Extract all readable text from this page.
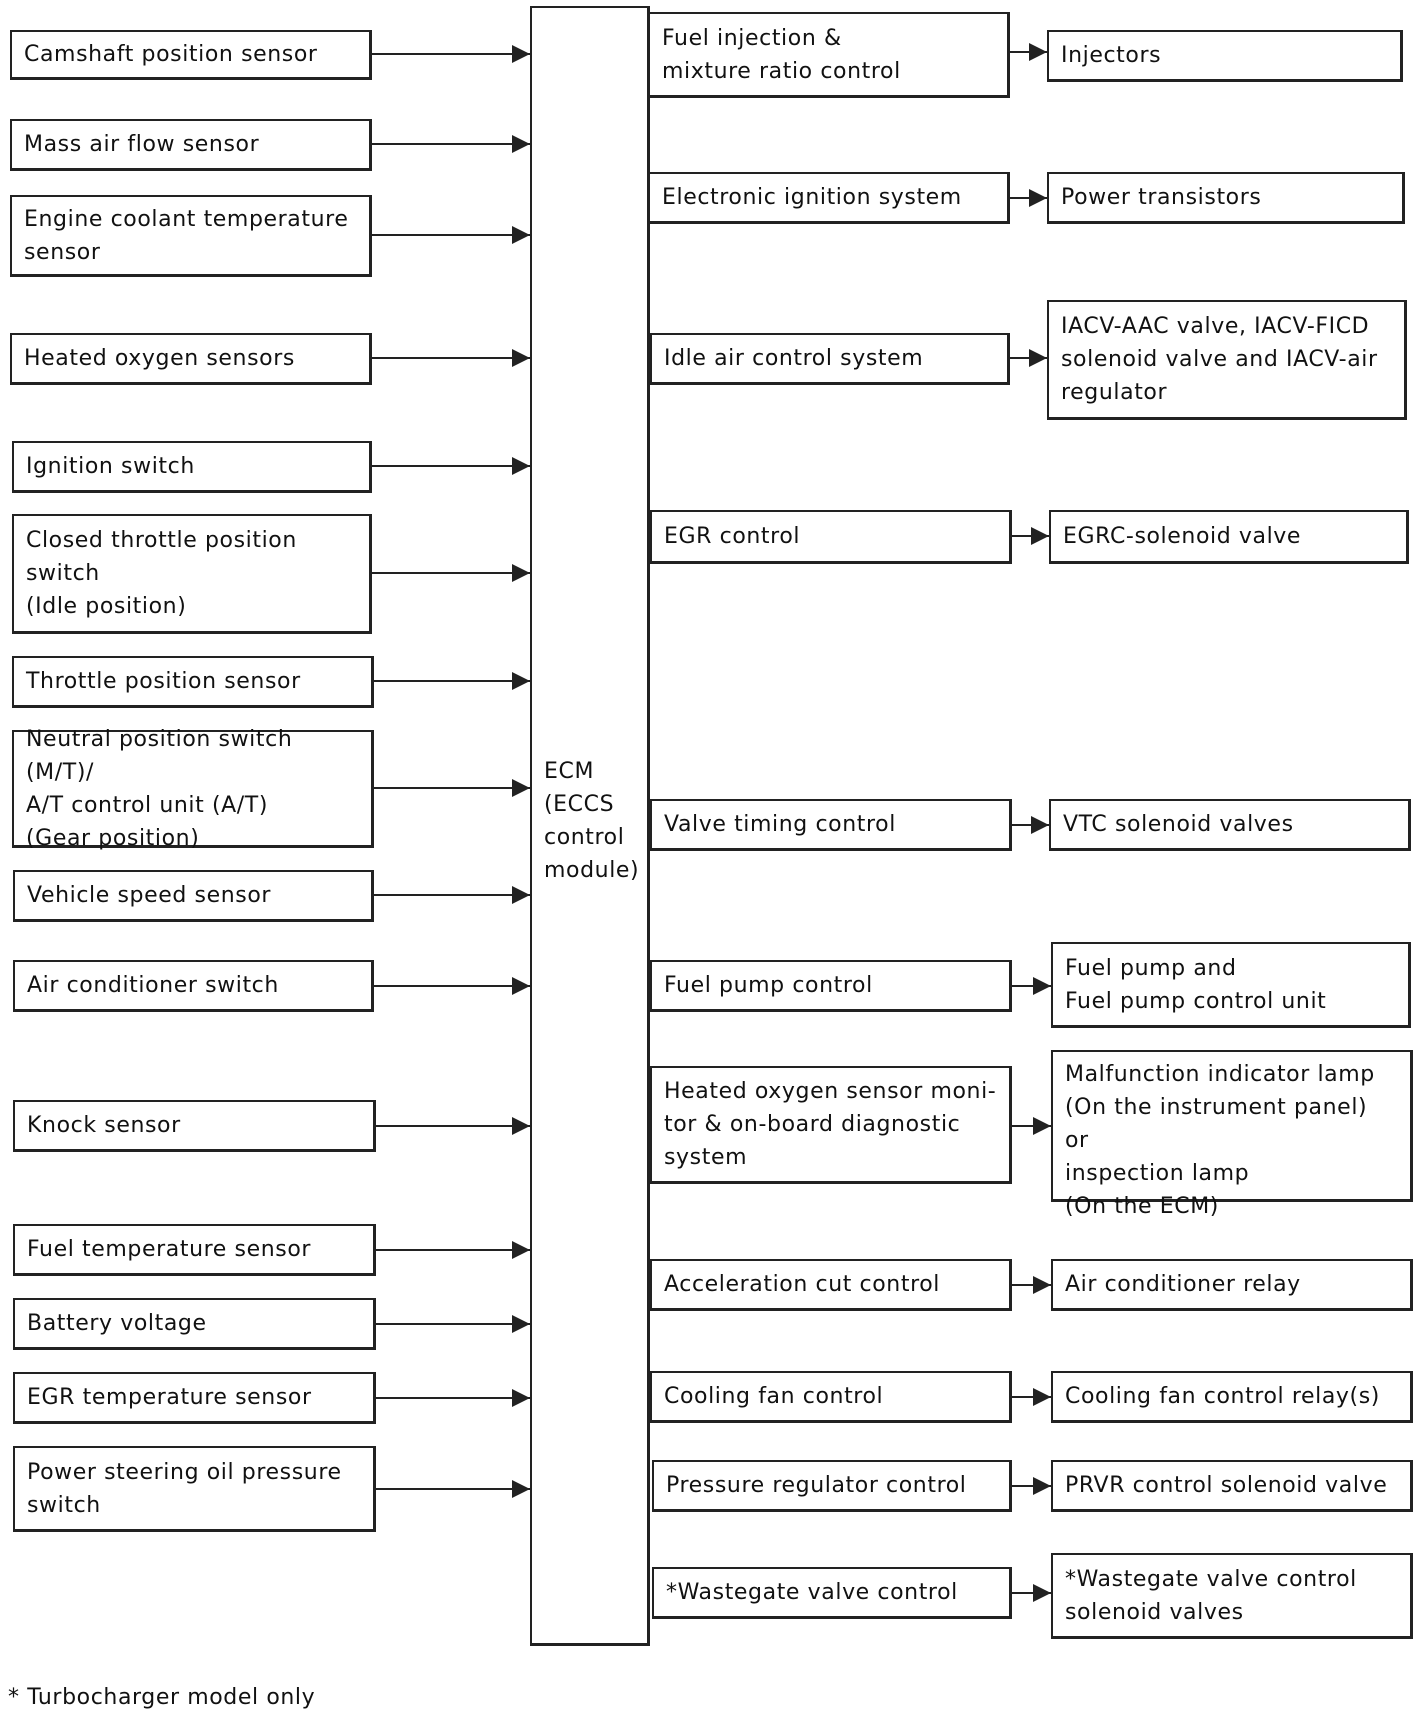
ECM
(ECCS
control
module)
Camshaft position sensor
Mass air flow sensor
Engine coolant temperature
sensor
Heated oxygen sensors
Ignition switch
Closed throttle position
switch
(Idle position)
Throttle position sensor
Neutral position switch (M/T)/
A/T control unit (A/T)
(Gear position)
Vehicle speed sensor
Air conditioner switch
Knock sensor
Fuel temperature sensor
Battery voltage
EGR temperature sensor
Power steering oil pressure
switch
Fuel injection &
mixture ratio control
Electronic ignition system
Idle air control system
EGR control
Valve timing control
Fuel pump control
Heated oxygen sensor moni-
tor & on-board diagnostic
system
Acceleration cut control
Cooling fan control
Pressure regulator control
*Wastegate valve control
Injectors
Power transistors
IACV-AAC valve, IACV-FICD
solenoid valve and IACV-air
regulator
EGRC-solenoid valve
VTC solenoid valves
Fuel pump and
Fuel pump control unit
Malfunction indicator lamp
(On the instrument panel) or
inspection lamp
(On the ECM)
Air conditioner relay
Cooling fan control relay(s)
PRVR control solenoid valve
*Wastegate valve control
solenoid valves
* Turbocharger model only
